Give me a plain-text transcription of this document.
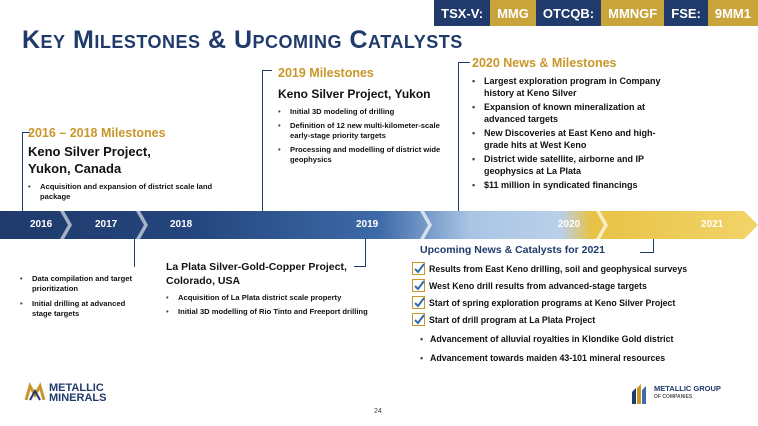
TSX-V:	MMG	OTCQB:	MMNGF	FSE:	9MM1
Key Milestones & Upcoming Catalysts
2016 – 2018 Milestones
Keno Silver Project,
Yukon, Canada
• Acquisition and expansion of district scale land package
2019 Milestones
Keno Silver Project, Yukon
• Initial 3D modeling of drilling
• Definition of 12 new multi-kilometer-scale early-stage priority targets
• Processing and modelling of district wide geophysics
2020 News & Milestones
• Largest exploration program in Company history at Keno Silver
• Expansion of known mineralization at advanced targets
• New Discoveries at East Keno and high-grade hits at West Keno
• District wide satellite, airborne and IP geophysics at La Plata
• $11 million in syndicated financings
2016	2017	2018	2019	2020	2021
• Data compilation and target prioritization
• Initial drilling at advanced stage targets
La Plata Silver-Gold-Copper Project,
Colorado, USA
• Acquisition of La Plata district scale property
• Initial 3D modelling of Rio Tinto and Freeport drilling
Upcoming News & Catalysts for 2021
Results from East Keno drilling, soil and geophysical surveys
West Keno drill results from advanced-stage targets
Start of spring exploration programs at Keno Silver Project
Start of drill program at La Plata Project
• Advancement of alluvial royalties in Klondike Gold district
• Advancement towards maiden 43-101 mineral resources
METALLIC
MINERALS
24
METALLIC GROUP
OF COMPANIES
